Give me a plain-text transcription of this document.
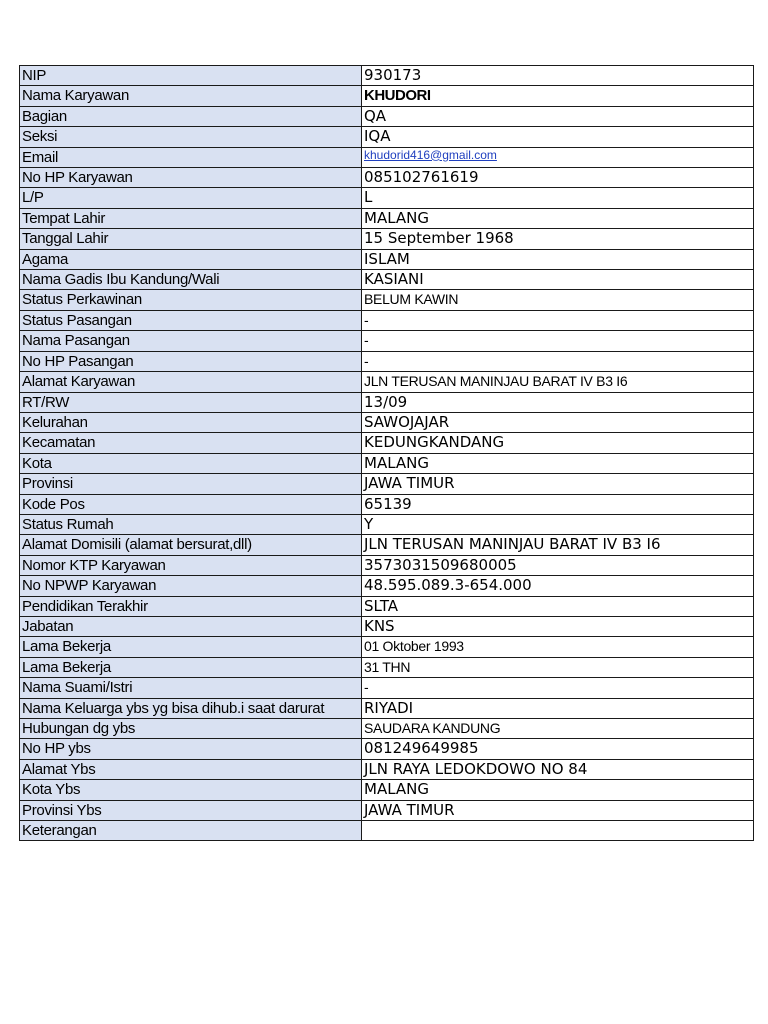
NIP	930173
Nama Karyawan	KHUDORI
Bagian	QA
Seksi	IQA
Email	$^{khudorid416@gmail.com}$
No HP Karyawan	085102761619
L/P	L
Tempat Lahir	MALANG
Tanggal Lahir	15 September 1968
Agama	ISLAM
Nama Gadis Ibu Kandung/Wali	KASIANI
Status Perkawinan	BELUM KAWIN
Status Pasangan	-
Nama Pasangan	-
No HP Pasangan	-
Alamat Karyawan	JLN TERUSAN MANINJAU BARAT IV B3 I6
RT/RW	13/09
Kelurahan	SAWOJAJAR
Kecamatan	KEDUNGKANDANG
Kota	MALANG
Provinsi	JAWA TIMUR
Kode Pos	65139
Status Rumah	Y
Alamat Domisili (alamat bersurat,dll)	JLN TERUSAN MANINJAU BARAT IV B3 I6
Nomor KTP Karyawan	3573031509680005
No NPWP Karyawan	48.595.089.3-654.000
Pendidikan Terakhir	SLTA
Jabatan	KNS
Lama Bekerja	01 Oktober 1993
Lama Bekerja	31 THN
Nama Suami/Istri	-
Nama Keluarga ybs yg bisa dihub.i saat darurat	RIYADI
Hubungan dg ybs	SAUDARA KANDUNG
No HP ybs	081249649985
Alamat Ybs	JLN RAYA LEDOKDOWO NO 84
Kota Ybs	MALANG
Provinsi Ybs	JAWA TIMUR
Keterangan	
